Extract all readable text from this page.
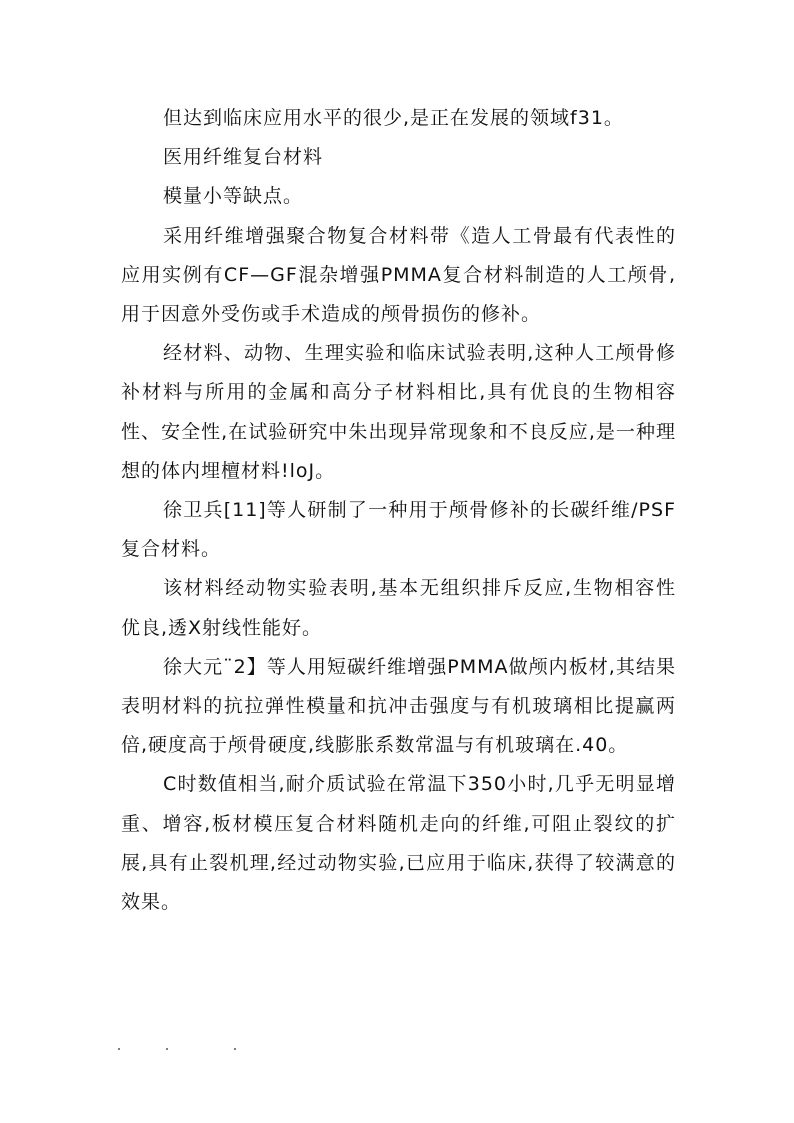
但达到临床应用水平的很少,是正在发展的领域f31。

医用纤维复台材料

模量小等缺点。

采用纤维增强聚合物复合材料带《造人工骨最有代表性的应用实例有CF—GF混杂增强PMMA复合材料制造的人工颅骨,用于因意外受伤或手术造成的颅骨损伤的修补。

经材料、动物、生理实验和临床试验表明,这种人工颅骨修补材料与所用的金属和高分子材料相比,具有优良的生物相容性、安全性,在试验研究中朱出现异常现象和不良反应,是一种理想的体内埋檀材料!loJ。

徐卫兵[11]等人研制了一种用于颅骨修补的长碳纤维/PSF复合材料。

该材料经动物实验表明,基本无组织排斥反应,生物相容性优良,透X射线性能好。

徐大元¨2】等人用短碳纤维增强PMMA做颅内板材,其结果表明材料的抗拉弹性模量和抗冲击强度与有机玻璃相比提赢两倍,硬度高于颅骨硬度,线膨胀系数常温与有机玻璃在.40。

C时数值相当,耐介质试验在常温下350小时,几乎无明显增重、增容,板材模压复合材料随机走向的纤维,可阻止裂纹的扩展,具有止裂机理,经过动物实验,已应用于临床,获得了较满意的效果。
